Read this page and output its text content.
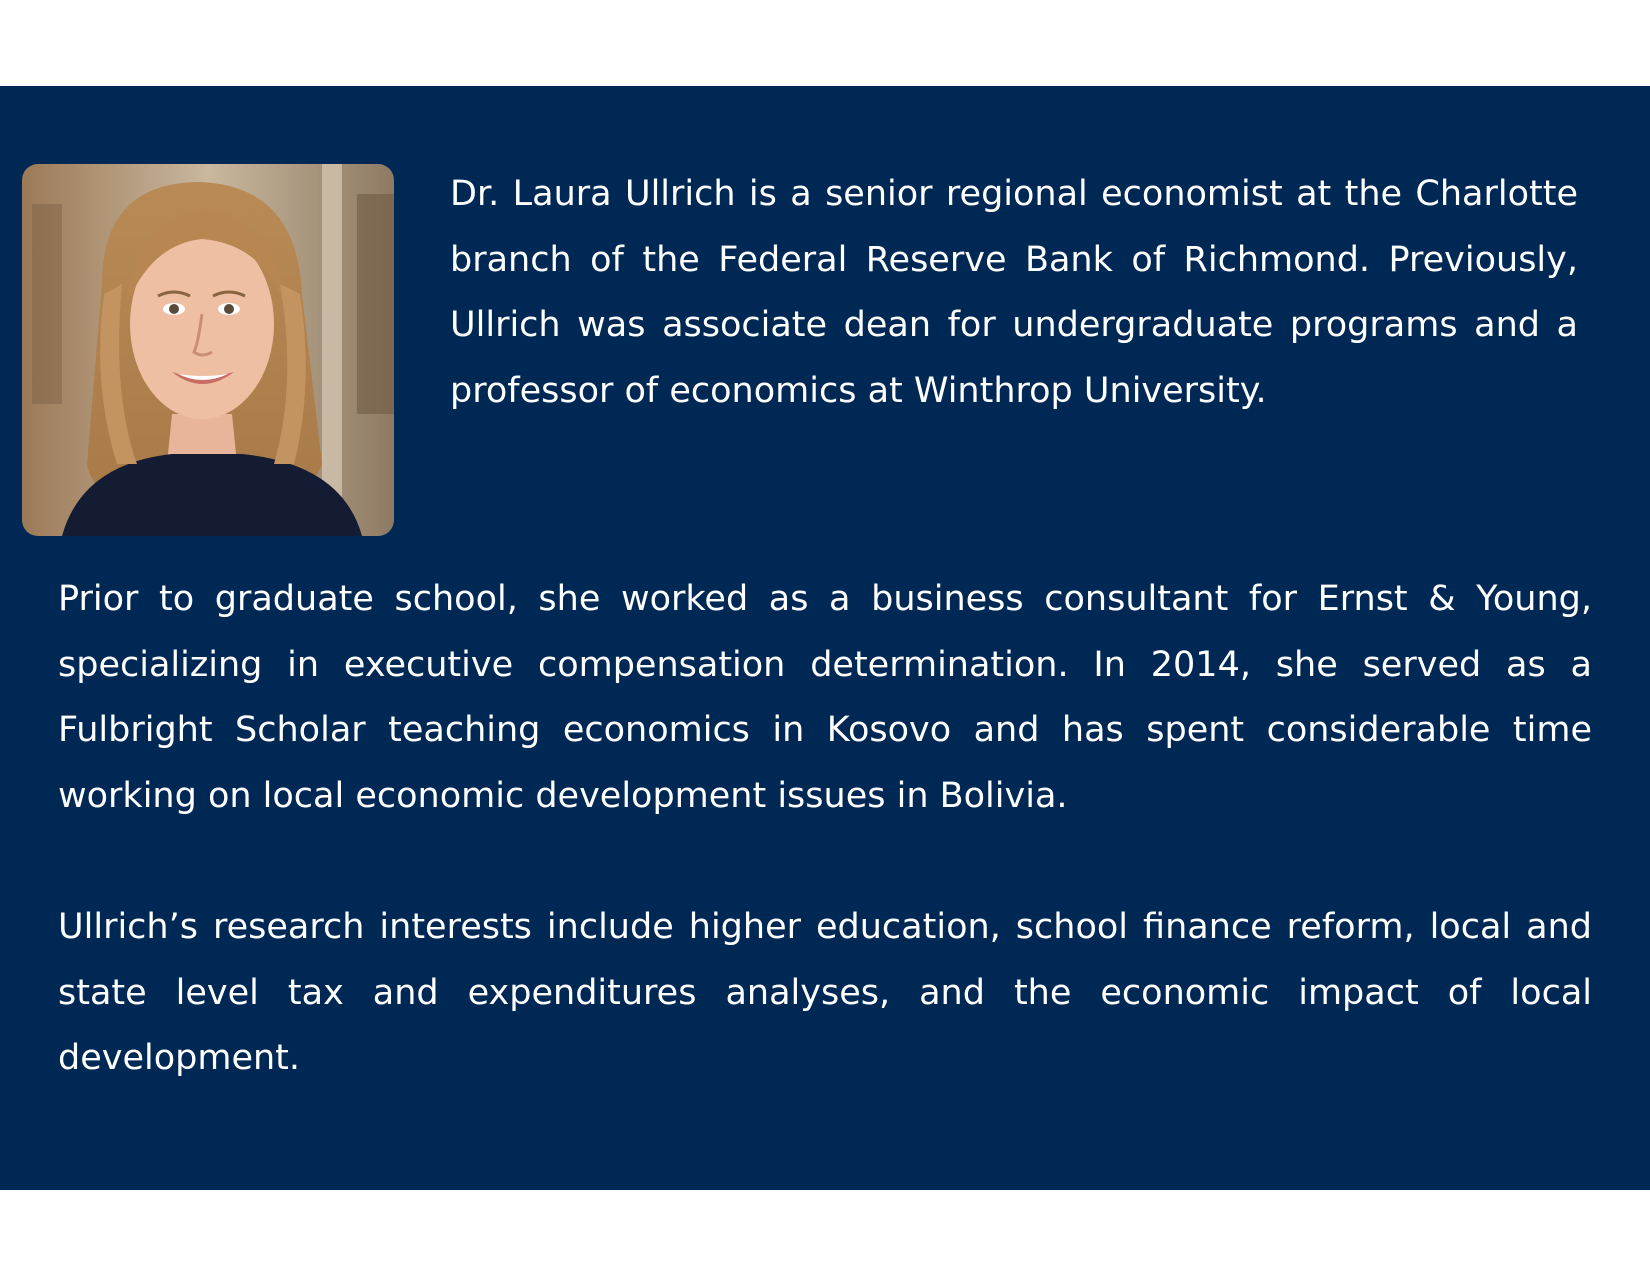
Dr. Laura Ullrich is a senior regional economist at the Charlotte branch of the Federal Reserve Bank of Richmond. Previously, Ullrich was associate dean for undergraduate programs and a professor of economics at Winthrop University.

Prior to graduate school, she worked as a business consultant for Ernst & Young, specializing in executive compensation determination. In 2014, she served as a Fulbright Scholar teaching economics in Kosovo and has spent considerable time working on local economic development issues in Bolivia.

Ullrich’s research interests include higher education, school finance reform, local and state level tax and expenditures analyses, and the economic impact of local development.
